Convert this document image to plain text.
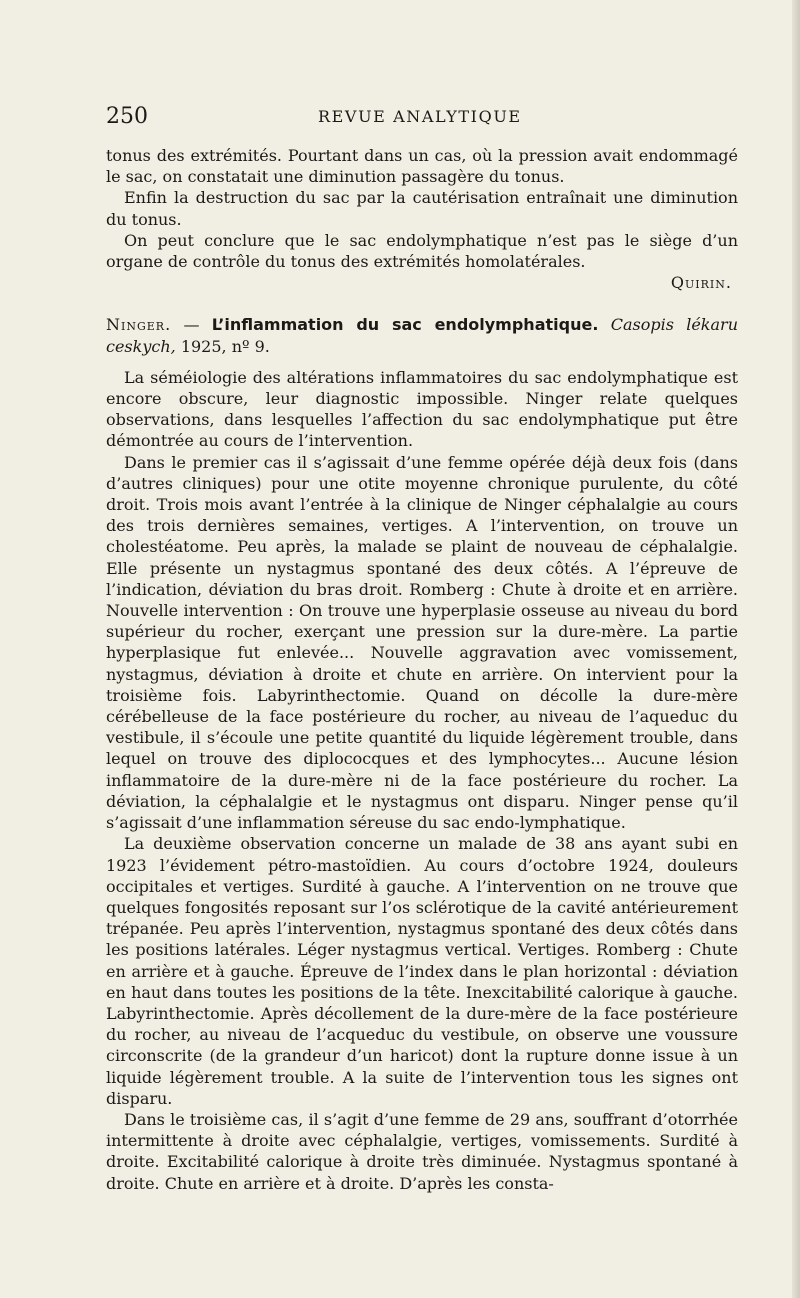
250	REVUE ANALYTIQUE

tonus des extrémités. Pourtant dans un cas, où la pression avait endommagé le sac, on constatait une diminution passagère du tonus.

Enfin la destruction du sac par la cautérisation entraînait une diminution du tonus.

On peut conclure que le sac endolymphatique n’est pas le siège d’un organe de contrôle du tonus des extrémités homolatérales.

Quirin.

Ninger. — L’inflammation du sac endolymphatique. Casopis lékaru ceskych, 1925, nº 9.

La séméiologie des altérations inflammatoires du sac endolymphatique est encore obscure, leur diagnostic impossible. Ninger relate quelques observations, dans lesquelles l’affection du sac endolymphatique put être démontrée au cours de l’intervention.

Dans le premier cas il s’agissait d’une femme opérée déjà deux fois (dans d’autres cliniques) pour une otite moyenne chronique purulente, du côté droit. Trois mois avant l’entrée à la clinique de Ninger céphalalgie au cours des trois dernières semaines, vertiges. A l’intervention, on trouve un cholestéatome. Peu après, la malade se plaint de nouveau de céphalalgie. Elle présente un nystagmus spontané des deux côtés. A l’épreuve de l’indication, déviation du bras droit. Romberg : Chute à droite et en arrière. Nouvelle intervention : On trouve une hyperplasie osseuse au niveau du bord supérieur du rocher, exerçant une pression sur la dure-mère. La partie hyperplasique fut enlevée... Nouvelle aggravation avec vomissement, nystagmus, déviation à droite et chute en arrière. On intervient pour la troisième fois. Labyrinthectomie. Quand on décolle la dure-mère cérébelleuse de la face postérieure du rocher, au niveau de l’aqueduc du vestibule, il s’écoule une petite quantité du liquide légèrement trouble, dans lequel on trouve des diplococques et des lymphocytes... Aucune lésion inflammatoire de la dure-mère ni de la face postérieure du rocher. La déviation, la céphalalgie et le nystagmus ont disparu. Ninger pense qu’il s’agissait d’une inflammation séreuse du sac endo-lymphatique.

La deuxième observation concerne un malade de 38 ans ayant subi en 1923 l’évidement pétro-mastoïdien. Au cours d’octobre 1924, douleurs occipitales et vertiges. Surdité à gauche. A l’intervention on ne trouve que quelques fongosités reposant sur l’os sclérotique de la cavité antérieurement trépanée. Peu après l’intervention, nystagmus spontané des deux côtés dans les positions latérales. Léger nystagmus vertical. Vertiges. Romberg : Chute en arrière et à gauche. Épreuve de l’index dans le plan horizontal : déviation en haut dans toutes les positions de la tête. Inexcitabilité calorique à gauche. Labyrinthectomie. Après décollement de la dure-mère de la face postérieure du rocher, au niveau de l’acqueduc du vestibule, on observe une voussure circonscrite (de la grandeur d’un haricot) dont la rupture donne issue à un liquide légèrement trouble. A la suite de l’intervention tous les signes ont disparu.

Dans le troisième cas, il s’agit d’une femme de 29 ans, souffrant d’otorrhée intermittente à droite avec céphalalgie, vertiges, vomissements. Surdité à droite. Excitabilité calorique à droite très diminuée. Nystagmus spontané à droite. Chute en arrière et à droite. D’après les consta-
